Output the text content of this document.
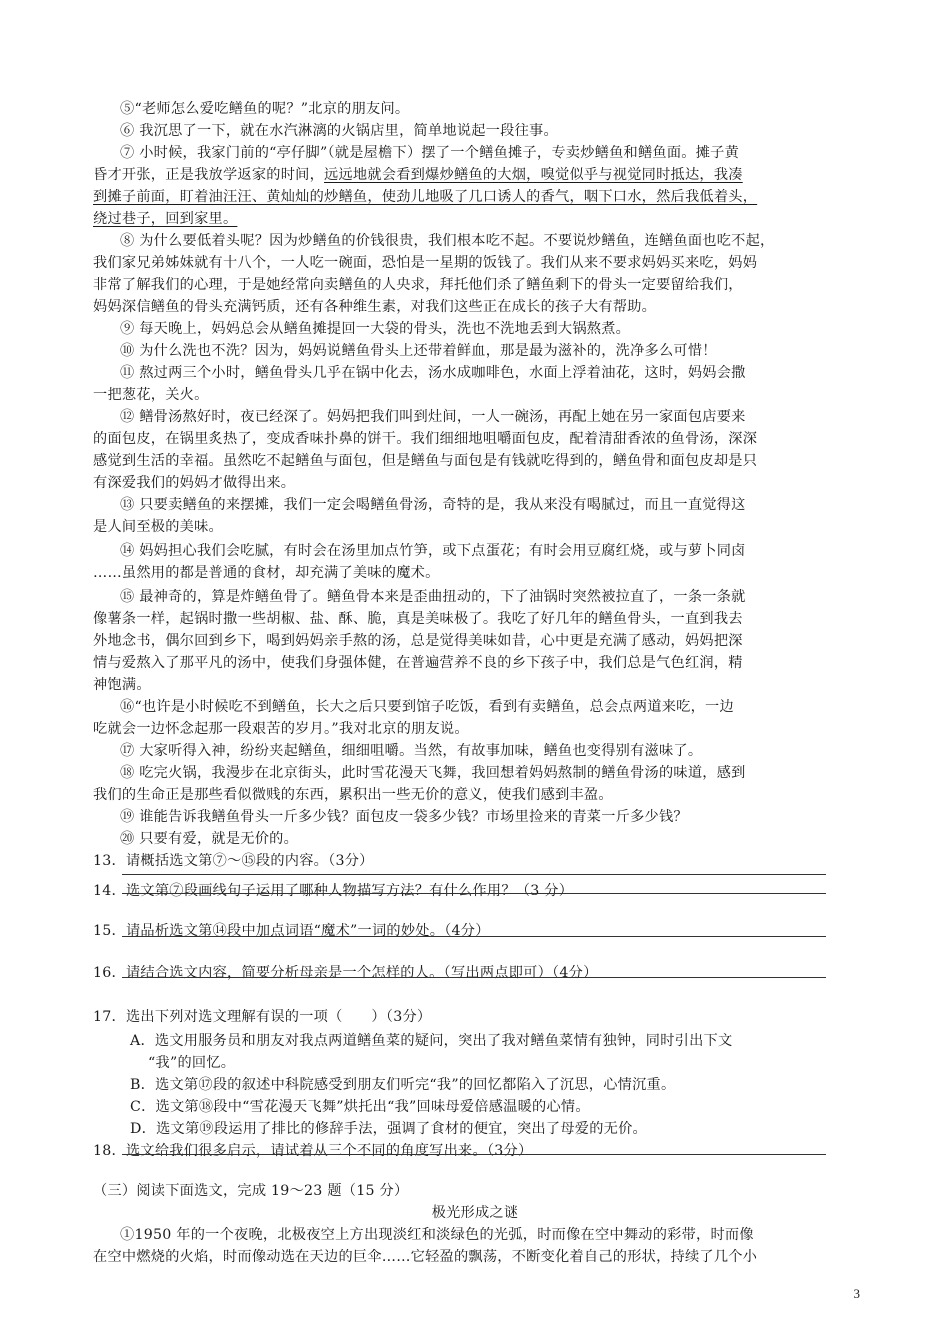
⑤“老师怎么爱吃鳝鱼的呢？”北京的朋友问。
⑥ 我沉思了一下，就在水汽淋漓的火锅店里，简单地说起一段往事。
⑦ 小时候，我家门前的“亭仔脚”（就是屋檐下）摆了一个鳝鱼摊子，专卖炒鳝鱼和鳝鱼面。摊子黄
昏才开张，正是我放学返家的时间，远远地就会看到爆炒鳝鱼的大烟，嗅觉似乎与视觉同时抵达，我凑
到摊子前面，盯着油汪汪、黄灿灿的炒鳝鱼，使劲儿地吸了几口诱人的香气，咽下口水，然后我低着头，
绕过巷子，回到家里。
⑧ 为什么要低着头呢？因为炒鳝鱼的价钱很贵，我们根本吃不起。不要说炒鳝鱼，连鳝鱼面也吃不起，
我们家兄弟姊妹就有十八个，一人吃一碗面，恐怕是一星期的饭钱了。我们从来不要求妈妈买来吃，妈妈
非常了解我们的心理，于是她经常向卖鳝鱼的人央求，拜托他们杀了鳝鱼剩下的骨头一定要留给我们，
妈妈深信鳝鱼的骨头充满钙质，还有各种维生素，对我们这些正在成长的孩子大有帮助。
⑨ 每天晚上，妈妈总会从鳝鱼摊提回一大袋的骨头，洗也不洗地丢到大锅熬煮。
⑩ 为什么洗也不洗？因为，妈妈说鳝鱼骨头上还带着鲜血，那是最为滋补的，洗净多么可惜！
⑪ 熬过两三个小时，鳝鱼骨头几乎在锅中化去，汤水成咖啡色，水面上浮着油花，这时，妈妈会撒
一把葱花，关火。
⑫ 鳝骨汤熬好时，夜已经深了。妈妈把我们叫到灶间，一人一碗汤，再配上她在另一家面包店要来
的面包皮，在锅里炙热了，变成香味扑鼻的饼干。我们细细地咀嚼面包皮，配着清甜香浓的鱼骨汤，深深
感觉到生活的幸福。虽然吃不起鳝鱼与面包，但是鳝鱼与面包是有钱就吃得到的，鳝鱼骨和面包皮却是只
有深爱我们的妈妈才做得出来。
⑬ 只要卖鳝鱼的来摆摊，我们一定会喝鳝鱼骨汤，奇特的是，我从来没有喝腻过，而且一直觉得这
是人间至极的美味。
⑭ 妈妈担心我们会吃腻，有时会在汤里加点竹笋，或下点蛋花；有时会用豆腐红烧，或与萝卜同卤
……虽然用的都是普通的食材，却充满了美味的魔术。
⑮ 最神奇的，算是炸鳝鱼骨了。鳝鱼骨本来是歪曲扭动的，下了油锅时突然被拉直了，一条一条就
像薯条一样，起锅时撒一些胡椒、盐、酥、脆，真是美味极了。我吃了好几年的鳝鱼骨头，一直到我去
外地念书，偶尔回到乡下，喝到妈妈亲手熬的汤，总是觉得美味如昔，心中更是充满了感动，妈妈把深
情与爱熬入了那平凡的汤中，使我们身强体健，在普遍营养不良的乡下孩子中，我们总是气色红润，精
神饱满。
⑯“也许是小时候吃不到鳝鱼，长大之后只要到馆子吃饭，看到有卖鳝鱼，总会点两道来吃，一边
吃就会一边怀念起那一段艰苦的岁月。”我对北京的朋友说。
⑰ 大家听得入神，纷纷夹起鳝鱼，细细咀嚼。当然，有故事加味，鳝鱼也变得别有滋味了。
⑱ 吃完火锅，我漫步在北京街头，此时雪花漫天飞舞，我回想着妈妈熬制的鳝鱼骨汤的味道，感到
我们的生命正是那些看似微贱的东西，累积出一些无价的意义，使我们感到丰盈。
⑲ 谁能告诉我鳝鱼骨头一斤多少钱？面包皮一袋多少钱？市场里捡来的青菜一斤多少钱？
⑳ 只要有爱，就是无价的。
13．请概括选文第⑦～⑮段的内容。（3分）
14．选文第⑦段画线句子运用了哪种人物描写方法？有什么作用？（3 分）
15．请品析选文第⑭段中加点词语“魔术”一词的妙处。（4分）
16．请结合选文内容，简要分析母亲是一个怎样的人。（写出两点即可）（4分）
17．选出下列对选文理解有误的一项（　　）（3分）
A．选文用服务员和朋友对我点两道鳝鱼菜的疑问，突出了我对鳝鱼菜情有独钟，同时引出下文
“我”的回忆。
B．选文第⑰段的叙述中科院感受到朋友们听完“我”的回忆都陷入了沉思，心情沉重。
C．选文第⑱段中“雪花漫天飞舞”烘托出“我”回味母爱倍感温暖的心情。
D．选文第⑲段运用了排比的修辞手法，强调了食材的便宜，突出了母爱的无价。
18．选文给我们很多启示，请试着从三个不同的角度写出来。（3分）
（三）阅读下面选文，完成 19～23 题（15 分）
极光形成之谜
①1950 年的一个夜晚，北极夜空上方出现淡红和淡绿色的光弧，时而像在空中舞动的彩带，时而像
在空中燃烧的火焰，时而像动选在天边的巨伞……它轻盈的飘荡，不断变化着自己的形状，持续了几个小
3
